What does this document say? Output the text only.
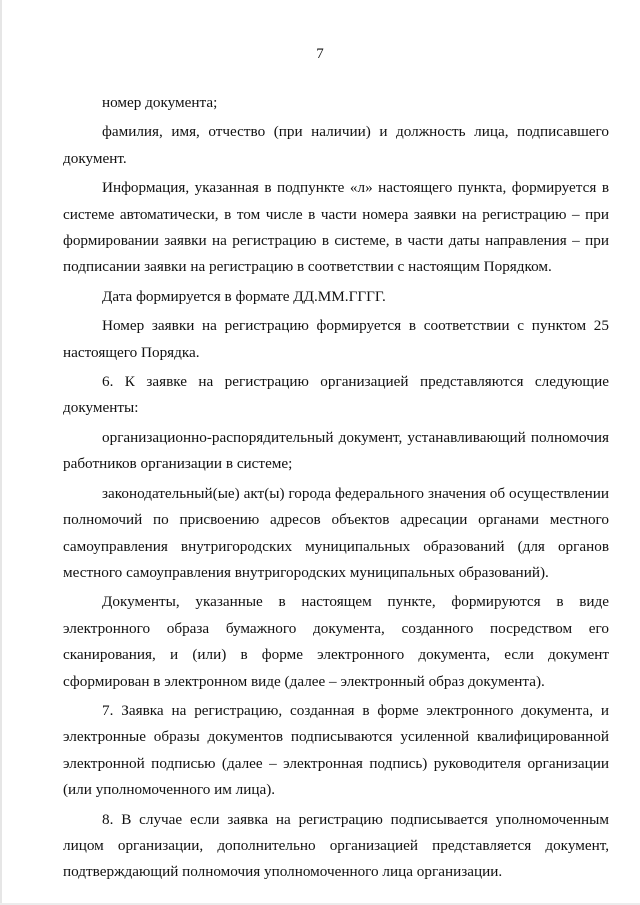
7

номер документа;

фамилия, имя, отчество (при наличии) и должность лица, подписавшего документ.

Информация, указанная в подпункте «л» настоящего пункта, формируется в системе автоматически, в том числе в части номера заявки на регистрацию – при формировании заявки на регистрацию в системе, в части даты направления – при подписании заявки на регистрацию в соответствии с настоящим Порядком.

Дата формируется в формате ДД.ММ.ГГГГ.

Номер заявки на регистрацию формируется в соответствии с пунктом 25 настоящего Порядка.

6. К заявке на регистрацию организацией представляются следующие документы:

организационно-распорядительный документ, устанавливающий полномочия работников организации в системе;

законодательный(ые) акт(ы) города федерального значения об осуществлении полномочий по присвоению адресов объектов адресации органами местного самоуправления внутригородских муниципальных образований (для органов местного самоуправления внутригородских муниципальных образований).

Документы, указанные в настоящем пункте, формируются в виде электронного образа бумажного документа, созданного посредством его сканирования, и (или) в форме электронного документа, если документ сформирован в электронном виде (далее – электронный образ документа).

7. Заявка на регистрацию, созданная в форме электронного документа, и электронные образы документов подписываются усиленной квалифицированной электронной подписью (далее – электронная подпись) руководителя организации (или уполномоченного им лица).

8. В случае если заявка на регистрацию подписывается уполномоченным лицом организации, дополнительно организацией представляется документ, подтверждающий полномочия уполномоченного лица организации.
